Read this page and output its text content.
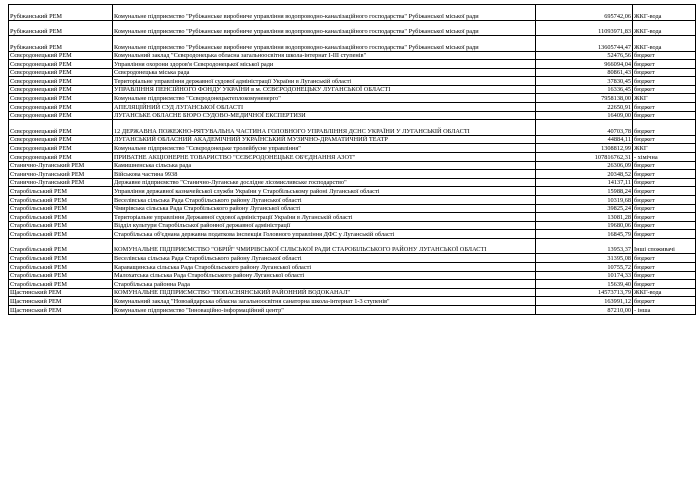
Рубіжанський РЕМ	Комунальне підприємство "Рубіжанське виробниче управління водопроводно-каналізаційного господарства" Рубіжанської міської ради	695742,06	ЖКГ-вода
Рубіжанський РЕМ	Комунальне підприємство "Рубіжанське виробниче управління водопроводно-каналізаційного господарства" Рубіжанської міської ради	11093971,83	ЖКГ-вода
Рубіжанський РЕМ	Комунальне підприємство "Рубіжанське виробниче управління водопроводно-каналізаційного господарства" Рубіжанської міської ради	13605744,47	ЖКГ-вода
Сєвєродонецький РЕМ	Комунальний заклад "Сєвєродонецька обласна загальноосвітня школа-інтернат І-ІІІ ступенів"	52476,56	бюджет
Сєвєродонецький РЕМ	Управління охорони здоров'я Сєвєродонецької міської ради	966094,04	бюджет
Сєвєродонецький РЕМ	Сєвєродонецька міська рада	80861,43	бюджет
Сєвєродонецький РЕМ	Територіальне управління державної судової адміністрації України в Луганській області	37830,45	бюджет
Сєвєродонецький РЕМ	УПРАВЛІННЯ ПЕНСІЙНОГО ФОНДУ УКРАЇНИ в м. СЄВЄРОДОНЕЦЬКУ ЛУГАНСЬКОЇ ОБЛАСТІ	16336,45	бюджет
Сєвєродонецький РЕМ	Комунальне підприємство "Сєвєродонецьктеплокомуненерго"	7958138,00	ЖКГ
Сєвєродонецький РЕМ	АПЕЛЯЦІЙНИЙ СУД ЛУГАНСЬКОЇ ОБЛАСТІ	22650,91	бюджет
Сєвєродонецький РЕМ	ЛУГАНСЬКЕ ОБЛАСНЕ БЮРО СУДОВО-МЕДИЧНОЇ ЕКСПЕРТИЗИ	16409,00	бюджет
Сєвєродонецький РЕМ	12 ДЕРЖАВНА ПОЖЕЖНО-РЯТУВАЛЬНА ЧАСТИНА ГОЛОВНОГО УПРАВЛІННЯ ДСНС УКРАЇНИ У ЛУГАНСЬКІЙ ОБЛАСТІ	40703,78	бюджет
Сєвєродонецький РЕМ	ЛУГАНСЬКИЙ ОБЛАСНИЙ АКАДЕМІЧНИЙ УКРАЇНСЬКИЙ МУЗИЧНО-ДРАМАТИЧНИЙ ТЕАТР	44884,11	бюджет
Сєвєродонецький РЕМ	Комунальне підприємство "Сєвєродонецьке тролейбусне управління"	1308812,99	ЖКГ
Сєвєродонецький РЕМ	ПРИВАТНЕ АКЦІОНЕРНЕ ТОВАРИСТВО "СЄВЄРОДОНЕЦЬКЕ ОБ'ЄДНАННЯ АЗОТ"	107816762,31	- хімічна
Станично-Луганський РЕМ	Камишненська сільська рада	26306,09	бюджет
Станично-Луганський РЕМ	Військова частина 9938	20348,52	бюджет
Станично-Луганський РЕМ	Державне підприємство "Станично-Луганське дослідне лісомисливське господарство"	14137,11	бюджет
Старобільський РЕМ	Управління державної казначейської служби України у Старобільському районі Луганської області	15988,24	бюджет
Старобільський РЕМ	Веселівська сільська Рада Старобільського району Луганської області	10319,68	бюджет
Старобільський РЕМ	Чмирівська сільська Рада Старобільського району Луганської області	39825,24	бюджет
Старобільський РЕМ	Територіальне управління Державної судової адміністрації України в Луганській області	13081,28	бюджет
Старобільський РЕМ	Відділ культури Старобільської районної державної адміністрації	19680,06	бюджет
Старобільський РЕМ	Старобільська об'єднана державна податкова інспекція Головного управління ДФС у Луганській області	16845,79	бюджет
Старобільський РЕМ	КОМУНАЛЬНЕ ПІДПРИЄМСТВО "ОБРІЙ" ЧМИРІВСЬКОЇ СІЛЬСЬКОЇ РАДИ СТАРОБІЛЬСЬКОГО РАЙОНУ ЛУГАНСЬКОЇ ОБЛАСТІ	13953,37	Інші споживачі
Старобільський РЕМ	Веселівська сільська Рада Старобільського району Луганської області	31395,08	бюджет
Старобільський РЕМ	Караващинська сільська Рада Старобільського району Луганської області	10755,72	бюджет
Старобільський РЕМ	Малохатська сільська Рада Старобільського району Луганської області	10174,33	бюджет
Старобільський РЕМ	Старобільська районна Рада	15639,40	бюджет
Щастинський РЕМ	КОМУНАЛЬНЕ ПІДПРИЄМСТВО "ПОПАСНЯНСЬКИЙ РАЙОННИЙ ВОДОКАНАЛ"	14573713,79	ЖКГ-вода
Щастинський РЕМ	Комунальний заклад "Новоайдарська обласна загальноосвітня санаторна школа-інтернат 1-3 ступенів"	163991,12	бюджет
Щастинський РЕМ	Комунальне підприємство "Інноваційно-інформаційний центр"	87210,00	- інша
